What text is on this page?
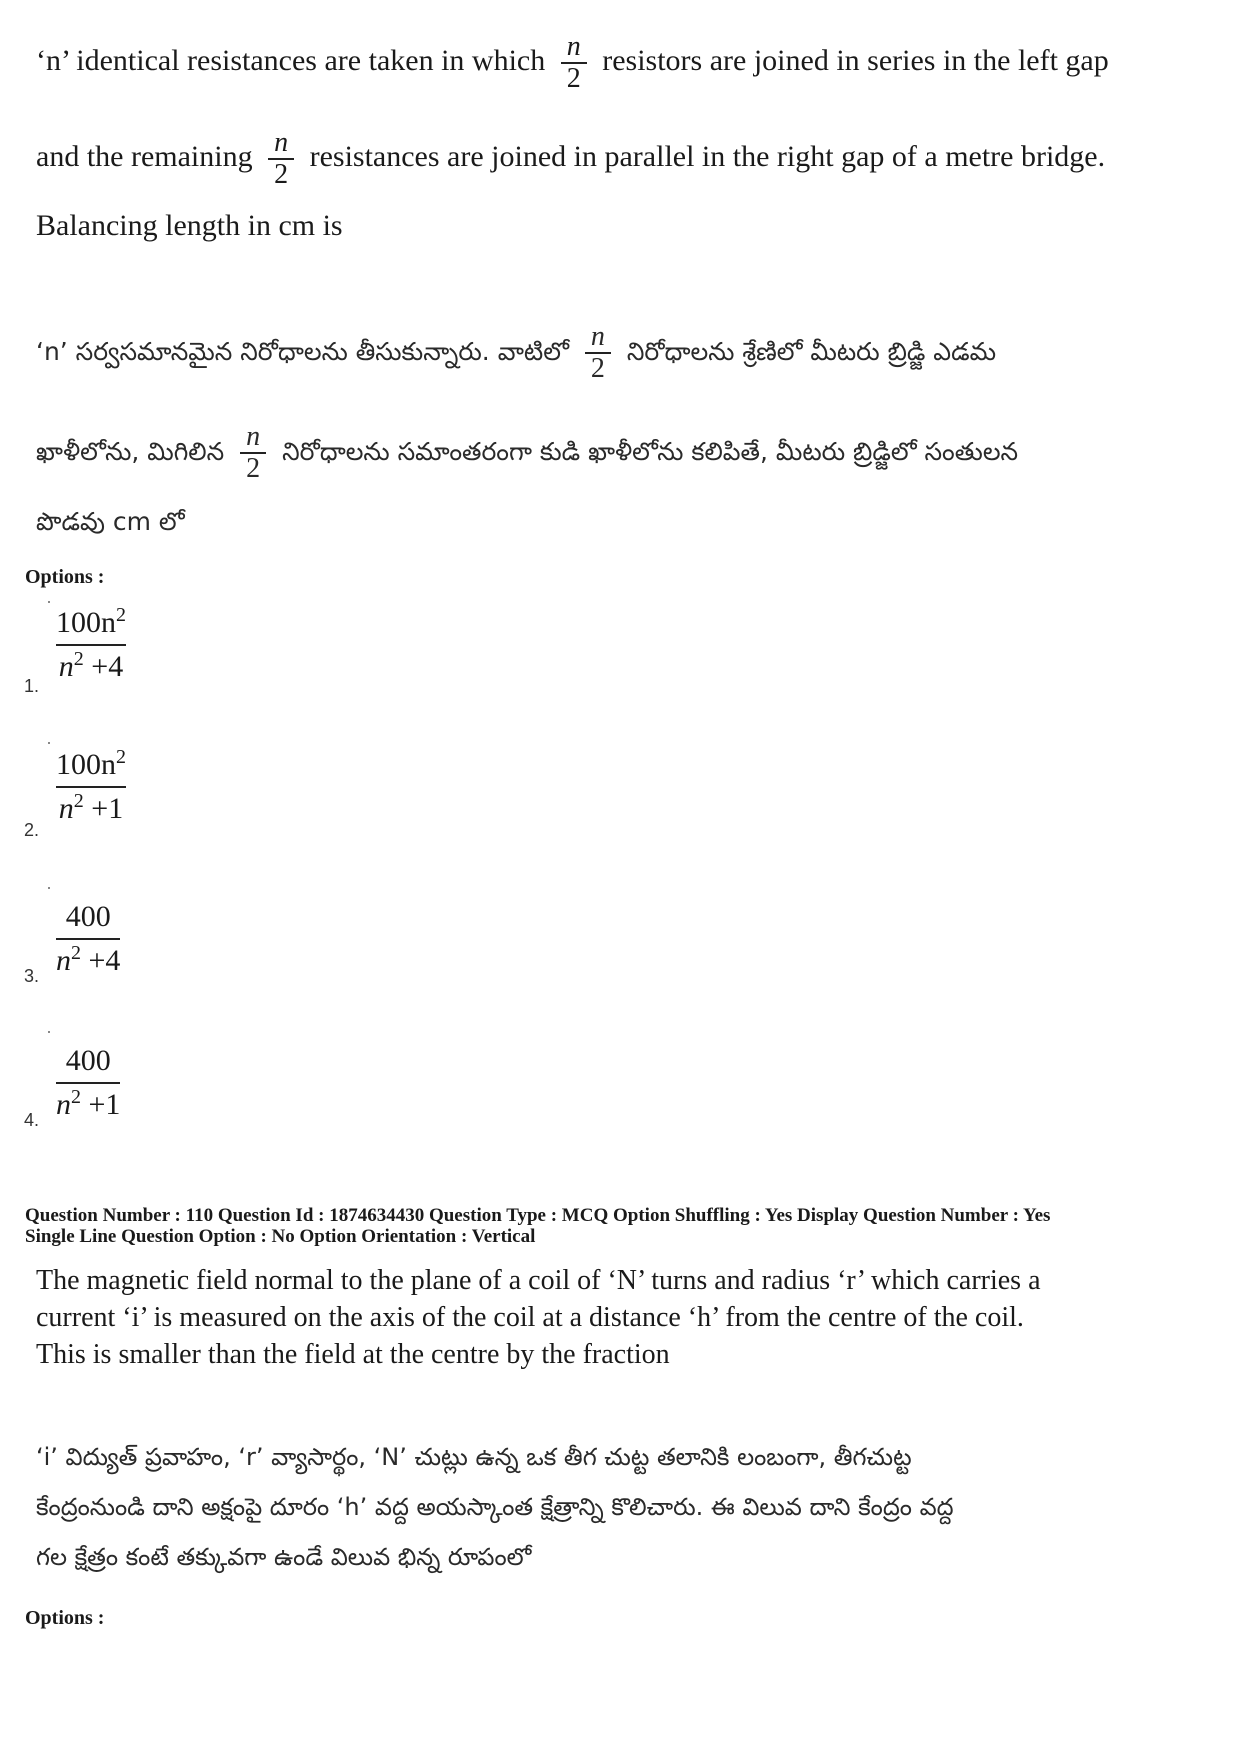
‘n’ identical resistances are taken in which $\frac{n}{2}$ resistors are joined in series in the left gap
and the remaining $\frac{n}{2}$ resistances are joined in parallel in the right gap of a metre bridge.
Balancing length in cm is
‘n’ సర్వసమానమైన నిరోధాలను తీసుకున్నారు. వాటిలో $\frac{n}{2}$ నిరోధాలను శ్రేణిలో మీటరు బ్రిడ్జి ఎడమ
ఖాళీలోను, మిగిలిన $\frac{n}{2}$ నిరోధాలను సమాంతరంగా కుడి ఖాళీలోను కలిపితే, మీటరు బ్రిడ్జిలో సంతులన
పొడవు cm లో
Options :
$100n^2$
$n^2 +4$
1.
$100n^2$
$n^2 +1$
2.
400
$n^2 +4$
3.
400
$n^2 +1$
4.
Question Number : 110 Question Id : 1874634430 Question Type : MCQ Option Shuffling : Yes Display Question Number : Yes
Single Line Question Option : No Option Orientation : Vertical
The magnetic field normal to the plane of a coil of ‘N’ turns and radius ‘r’ which carries a
current ‘i’ is measured on the axis of the coil at a distance ‘h’ from the centre of the coil.
This is smaller than the field at the centre by the fraction
‘i’ విద్యుత్ ప్రవాహం, ‘r’ వ్యాసార్థం, ‘N’ చుట్లు ఉన్న ఒక తీగ చుట్ట తలానికి లంబంగా, తీగచుట్ట
కేంద్రంనుండి దాని అక్షంపై దూరం ‘h’ వద్ద అయస్కాంత క్షేత్రాన్ని కొలిచారు. ఈ విలువ దాని కేంద్రం వద్ద
గల క్షేత్రం కంటే తక్కువగా ఉండే విలువ భిన్న రూపంలో
Options :
